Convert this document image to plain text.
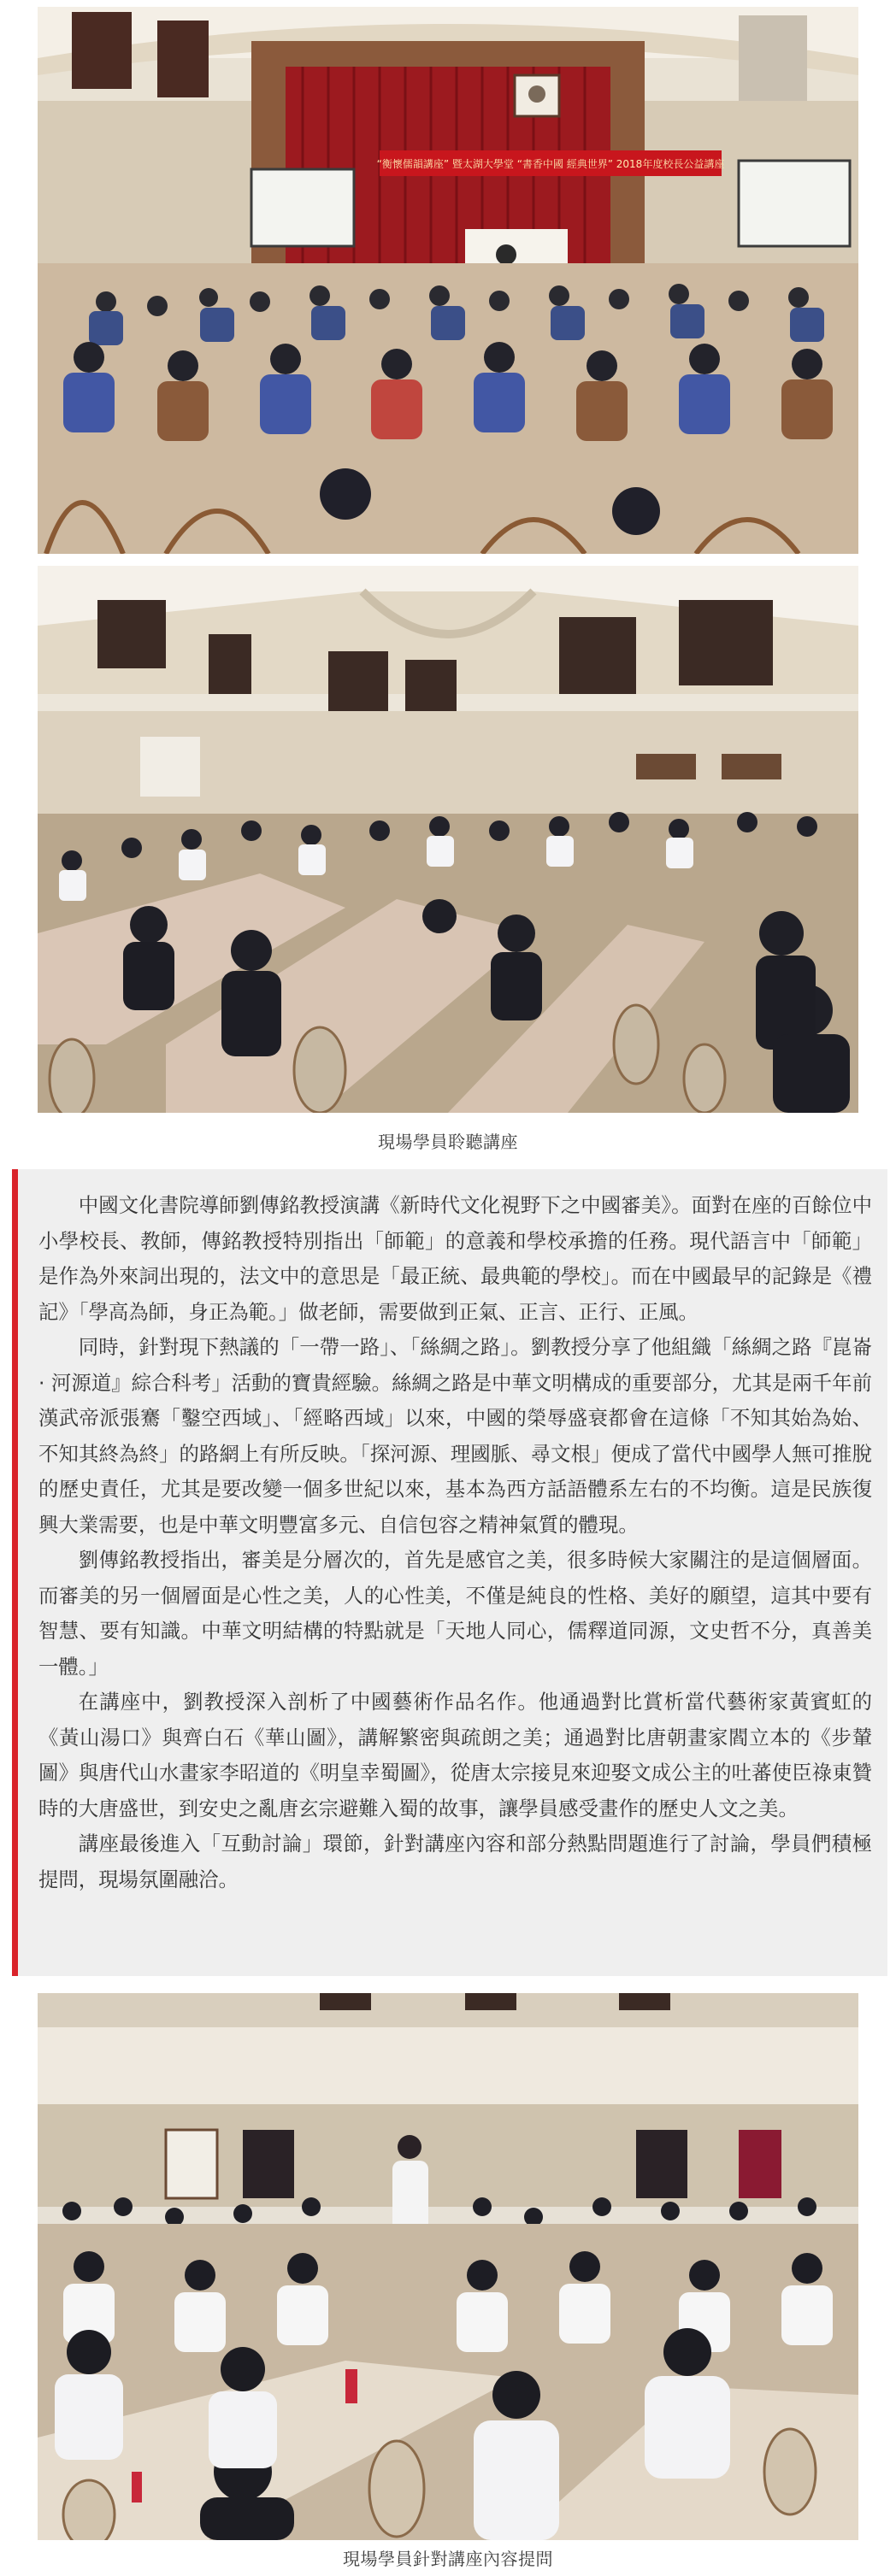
“衡懷儒韻講座” 暨太湖大學堂 “書香中國 經典世界” 2018年度校長公益講座
現場學員聆聽講座

中國文化書院導師劉傳銘教授演講《新時代文化視野下之中國審美》。面對在座的百餘位中小學校長、教師，傳銘教授特別指出「師範」的意義和學校承擔的任務。現代語言中「師範」是作為外來詞出現的，法文中的意思是「最正統、最典範的學校」。而在中國最早的記錄是《禮記》「學高為師，身正為範。」做老師，需要做到正氣、正言、正行、正風。

同時，針對現下熱議的「一帶一路」、「絲綢之路」。劉教授分享了他組織「絲綢之路『崑崙 · 河源道』綜合科考」活動的寶貴經驗。絲綢之路是中華文明構成的重要部分，尤其是兩千年前漢武帝派張騫「鑿空西域」、「經略西域」以來，中國的榮辱盛衰都會在這條「不知其始為始、不知其終為終」的路網上有所反映。「探河源、理國脈、尋文根」便成了當代中國學人無可推脫的歷史責任，尤其是要改變一個多世紀以來，基本為西方話語體系左右的不均衡。這是民族復興大業需要，也是中華文明豐富多元、自信包容之精神氣質的體現。

劉傳銘教授指出，審美是分層次的，首先是感官之美，很多時候大家關注的是這個層面。而審美的另一個層面是心性之美，人的心性美，不僅是純良的性格、美好的願望，這其中要有智慧、要有知識。中華文明結構的特點就是「天地人同心，儒釋道同源，文史哲不分，真善美一體。」

在講座中，劉教授深入剖析了中國藝術作品名作。他通過對比賞析當代藝術家黃賓虹的《黃山湯口》與齊白石《華山圖》，講解繁密與疏朗之美；通過對比唐朝畫家閻立本的《步輦圖》與唐代山水畫家李昭道的《明皇幸蜀圖》，從唐太宗接見來迎娶文成公主的吐蕃使臣祿東贊時的大唐盛世，到安史之亂唐玄宗避難入蜀的故事，讓學員感受畫作的歷史人文之美。

講座最後進入「互動討論」環節，針對講座內容和部分熱點問題進行了討論，學員們積極提問，現場氛圍融洽。

現場學員針對講座內容提問
